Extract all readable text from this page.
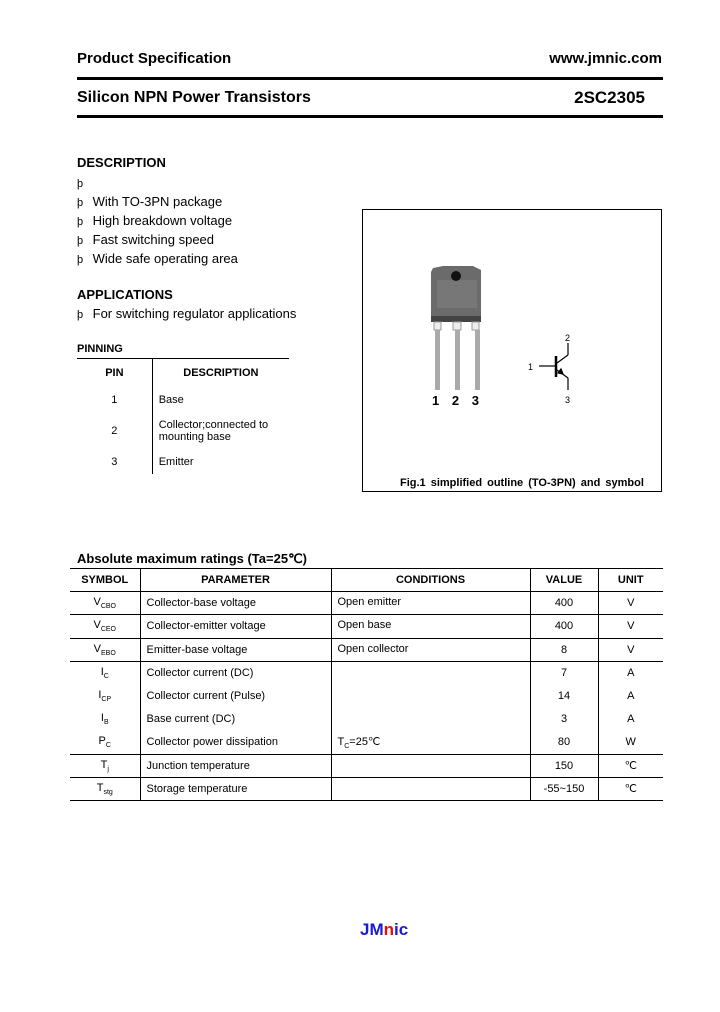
Product Specification	www.jmnic.com
Silicon NPN Power Transistors	2SC2305
DESCRIPTION
þ
þ With TO-3PN package
þ High breakdown voltage
þ Fast switching speed
þ Wide safe operating area
APPLICATIONS
þ For switching regulator applications
PINNING
PIN	DESCRIPTION
1	Base
2	Collector;connected to mounting base
3	Emitter
1
2
3
1 2 3
Fig.1 simplified outline (TO-3PN) and symbol
Absolute maximum ratings (Ta=25℃)
SYMBOL	PARAMETER	CONDITIONS	VALUE	UNIT
$V_{CBO}$	Collector-base voltage	Open emitter	400	V
$V_{CEO}$	Collector-emitter voltage	Open base	400	V
$V_{EBO}$	Emitter-base voltage	Open collector	8	V
$I_C$	Collector current (DC)		7	A
$I_{CP}$	Collector current (Pulse)		14	A
$I_B$	Base current (DC)		3	A
$P_C$	Collector power dissipation	$T_C=25℃$	80	W
$T_j$	Junction temperature		150	℃
$T_{stg}$	Storage temperature		-55~150	℃
JMnic
